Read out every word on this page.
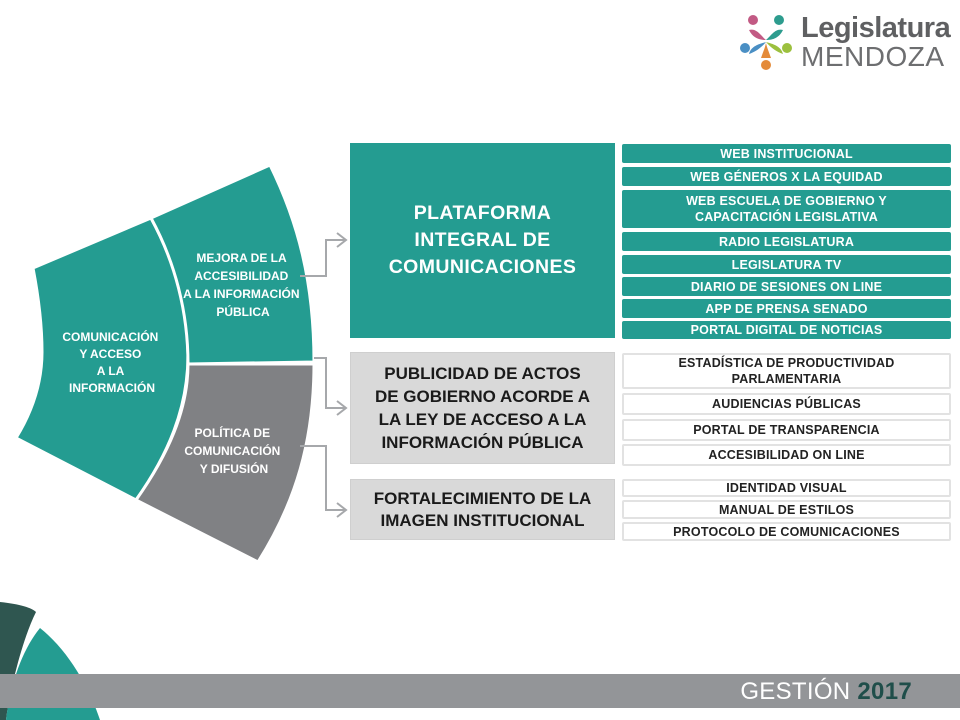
Legislatura
MENDOZA
COMUNICACIÓN Y ACCESO A LA INFORMACIÓN
MEJORA DE LA ACCESIBILIDAD A LA INFORMACIÓN PÚBLICA
POLÍTICA DE COMUNICACIÓN Y DIFUSIÓN
PLATAFORMA
INTEGRAL DE
COMUNICACIONES
PUBLICIDAD DE ACTOS
DE GOBIERNO ACORDE A
LA LEY DE ACCESO A LA
INFORMACIÓN PÚBLICA
FORTALECIMIENTO DE LA
IMAGEN INSTITUCIONAL
WEB INSTITUCIONAL
WEB GÉNEROS X LA EQUIDAD
WEB ESCUELA DE GOBIERNO Y
CAPACITACIÓN LEGISLATIVA
RADIO LEGISLATURA
LEGISLATURA TV
DIARIO DE SESIONES ON LINE
APP DE PRENSA SENADO
PORTAL DIGITAL DE NOTICIAS
ESTADÍSTICA DE PRODUCTIVIDAD
PARLAMENTARIA
AUDIENCIAS PÚBLICAS
PORTAL DE TRANSPARENCIA
ACCESIBILIDAD ON LINE
IDENTIDAD VISUAL
MANUAL DE ESTILOS
PROTOCOLO DE COMUNICACIONES
GESTIÓN 2017
